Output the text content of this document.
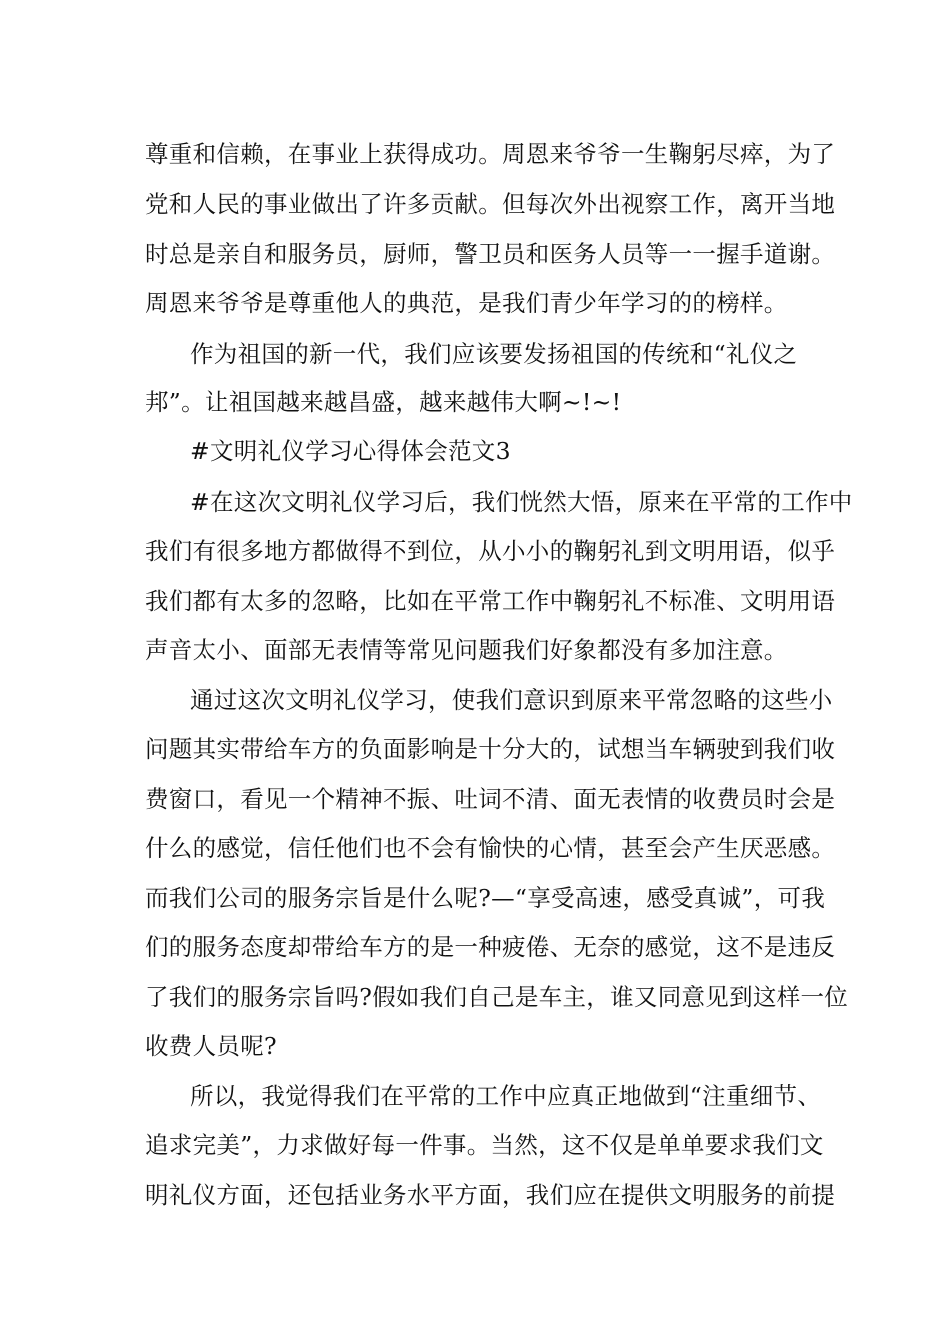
尊重和信赖，在事业上获得成功。周恩来爷爷一生鞠躬尽瘁，为了
党和人民的事业做出了许多贡献。但每次外出视察工作，离开当地
时总是亲自和服务员，厨师，警卫员和医务人员等一一握手道谢。
周恩来爷爷是尊重他人的典范，是我们青少年学习的的榜样。
作为祖国的新一代，我们应该要发扬祖国的传统和“礼仪之
邦”。让祖国越来越昌盛，越来越伟大啊~!~!
#文明礼仪学习心得体会范文3
#在这次文明礼仪学习后，我们恍然大悟，原来在平常的工作中
我们有很多地方都做得不到位，从小小的鞠躬礼到文明用语，似乎
我们都有太多的忽略，比如在平常工作中鞠躬礼不标准、文明用语
声音太小、面部无表情等常见问题我们好象都没有多加注意。
通过这次文明礼仪学习，使我们意识到原来平常忽略的这些小
问题其实带给车方的负面影响是十分大的，试想当车辆驶到我们收
费窗口，看见一个精神不振、吐词不清、面无表情的收费员时会是
什么的感觉，信任他们也不会有愉快的心情，甚至会产生厌恶感。
而我们公司的服务宗旨是什么呢?—“享受高速，感受真诚”，可我
们的服务态度却带给车方的是一种疲倦、无奈的感觉，这不是违反
了我们的服务宗旨吗?假如我们自己是车主，谁又同意见到这样一位
收费人员呢?
所以，我觉得我们在平常的工作中应真正地做到“注重细节、
追求完美”，力求做好每一件事。当然，这不仅是单单要求我们文
明礼仪方面，还包括业务水平方面，我们应在提供文明服务的前提
